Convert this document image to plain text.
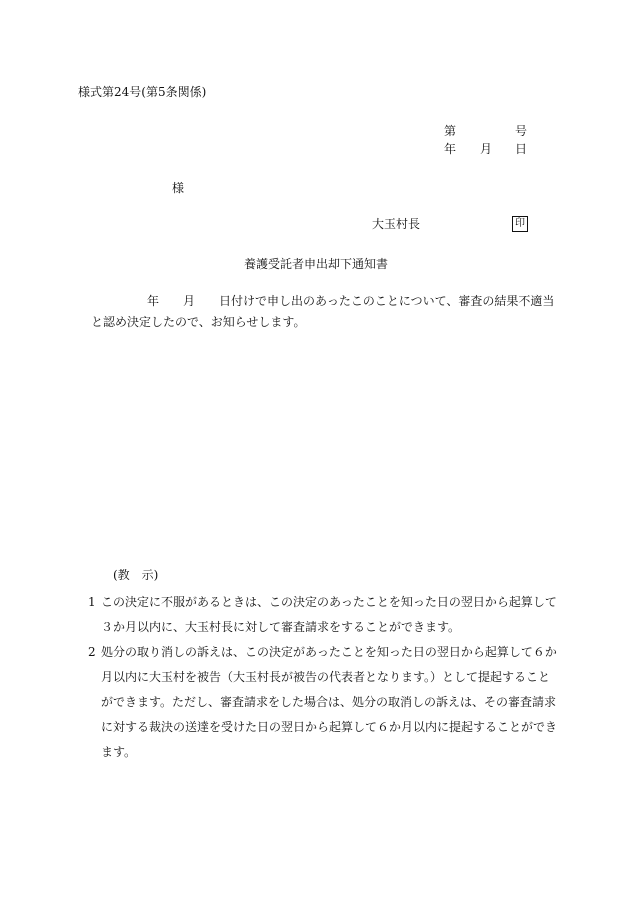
様式第24号(第5条関係)
第	号
年 月 日
様
大玉村長	印
養護受託者申出却下通知書
年 月 日付けで申し出のあったこのことについて、審査の結果不適当
と認め決定したので、お知らせします。
(教　示)
1 この決定に不服があるときは、この決定のあったことを知った日の翌日から起算して３か月以内に、大玉村長に対して審査請求をすることができます。
2 処分の取り消しの訴えは、この決定があったことを知った日の翌日から起算して６か月以内に大玉村を被告（大玉村長が被告の代表者となります。）として提起することができます。ただし、審査請求をした場合は、処分の取消しの訴えは、その審査請求に対する裁決の送達を受けた日の翌日から起算して６か月以内に提起することができます。
